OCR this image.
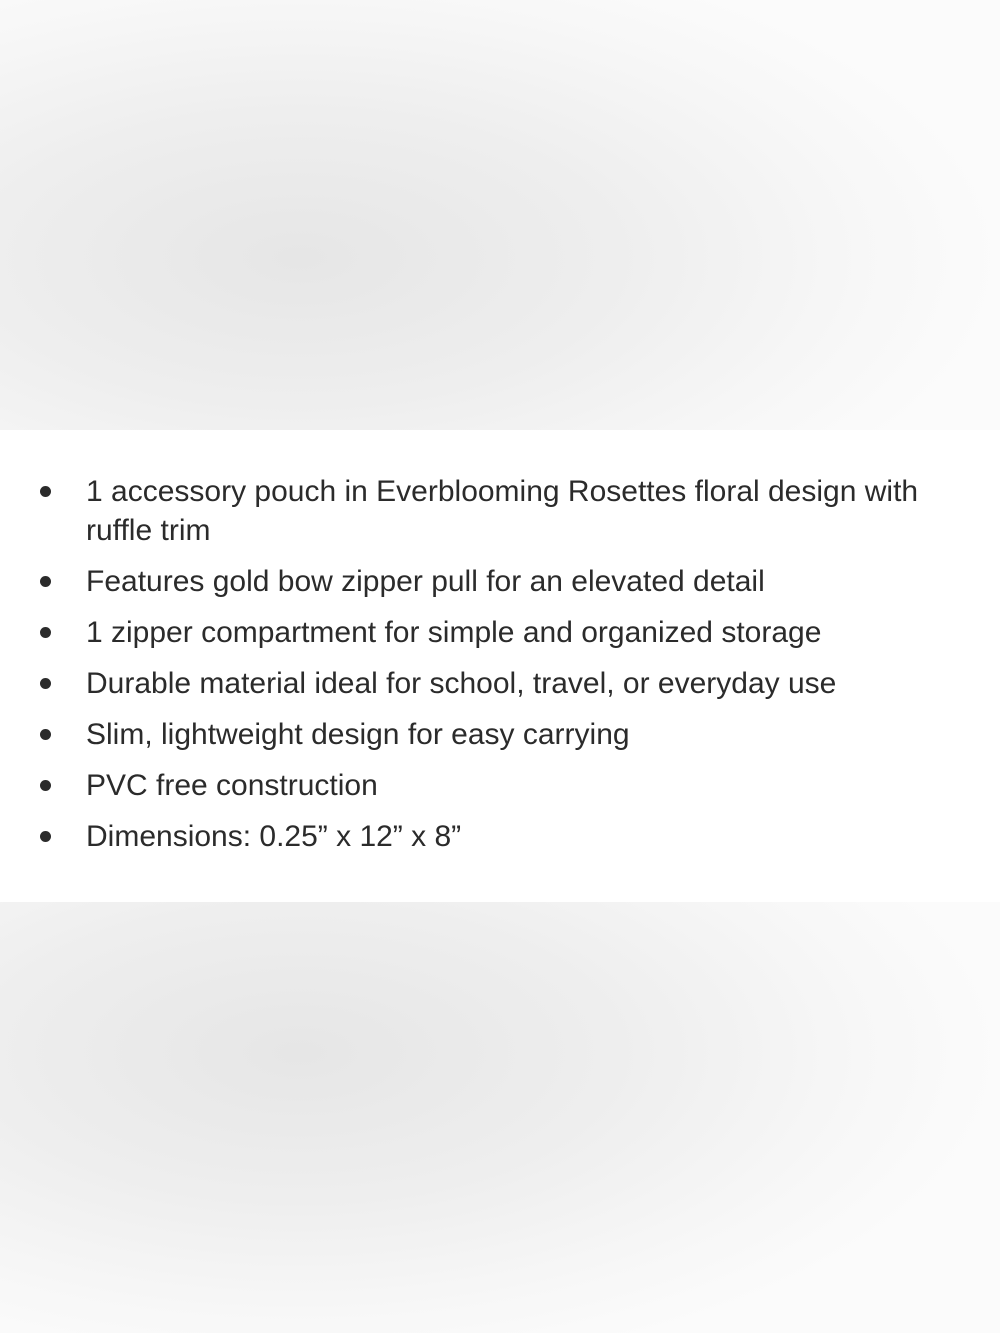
1 accessory pouch in Everblooming Rosettes floral design with ruffle trim
Features gold bow zipper pull for an elevated detail
1 zipper compartment for simple and organized storage
Durable material ideal for school, travel, or everyday use
Slim, lightweight design for easy carrying
PVC free construction
Dimensions: 0.25” x 12” x 8”
